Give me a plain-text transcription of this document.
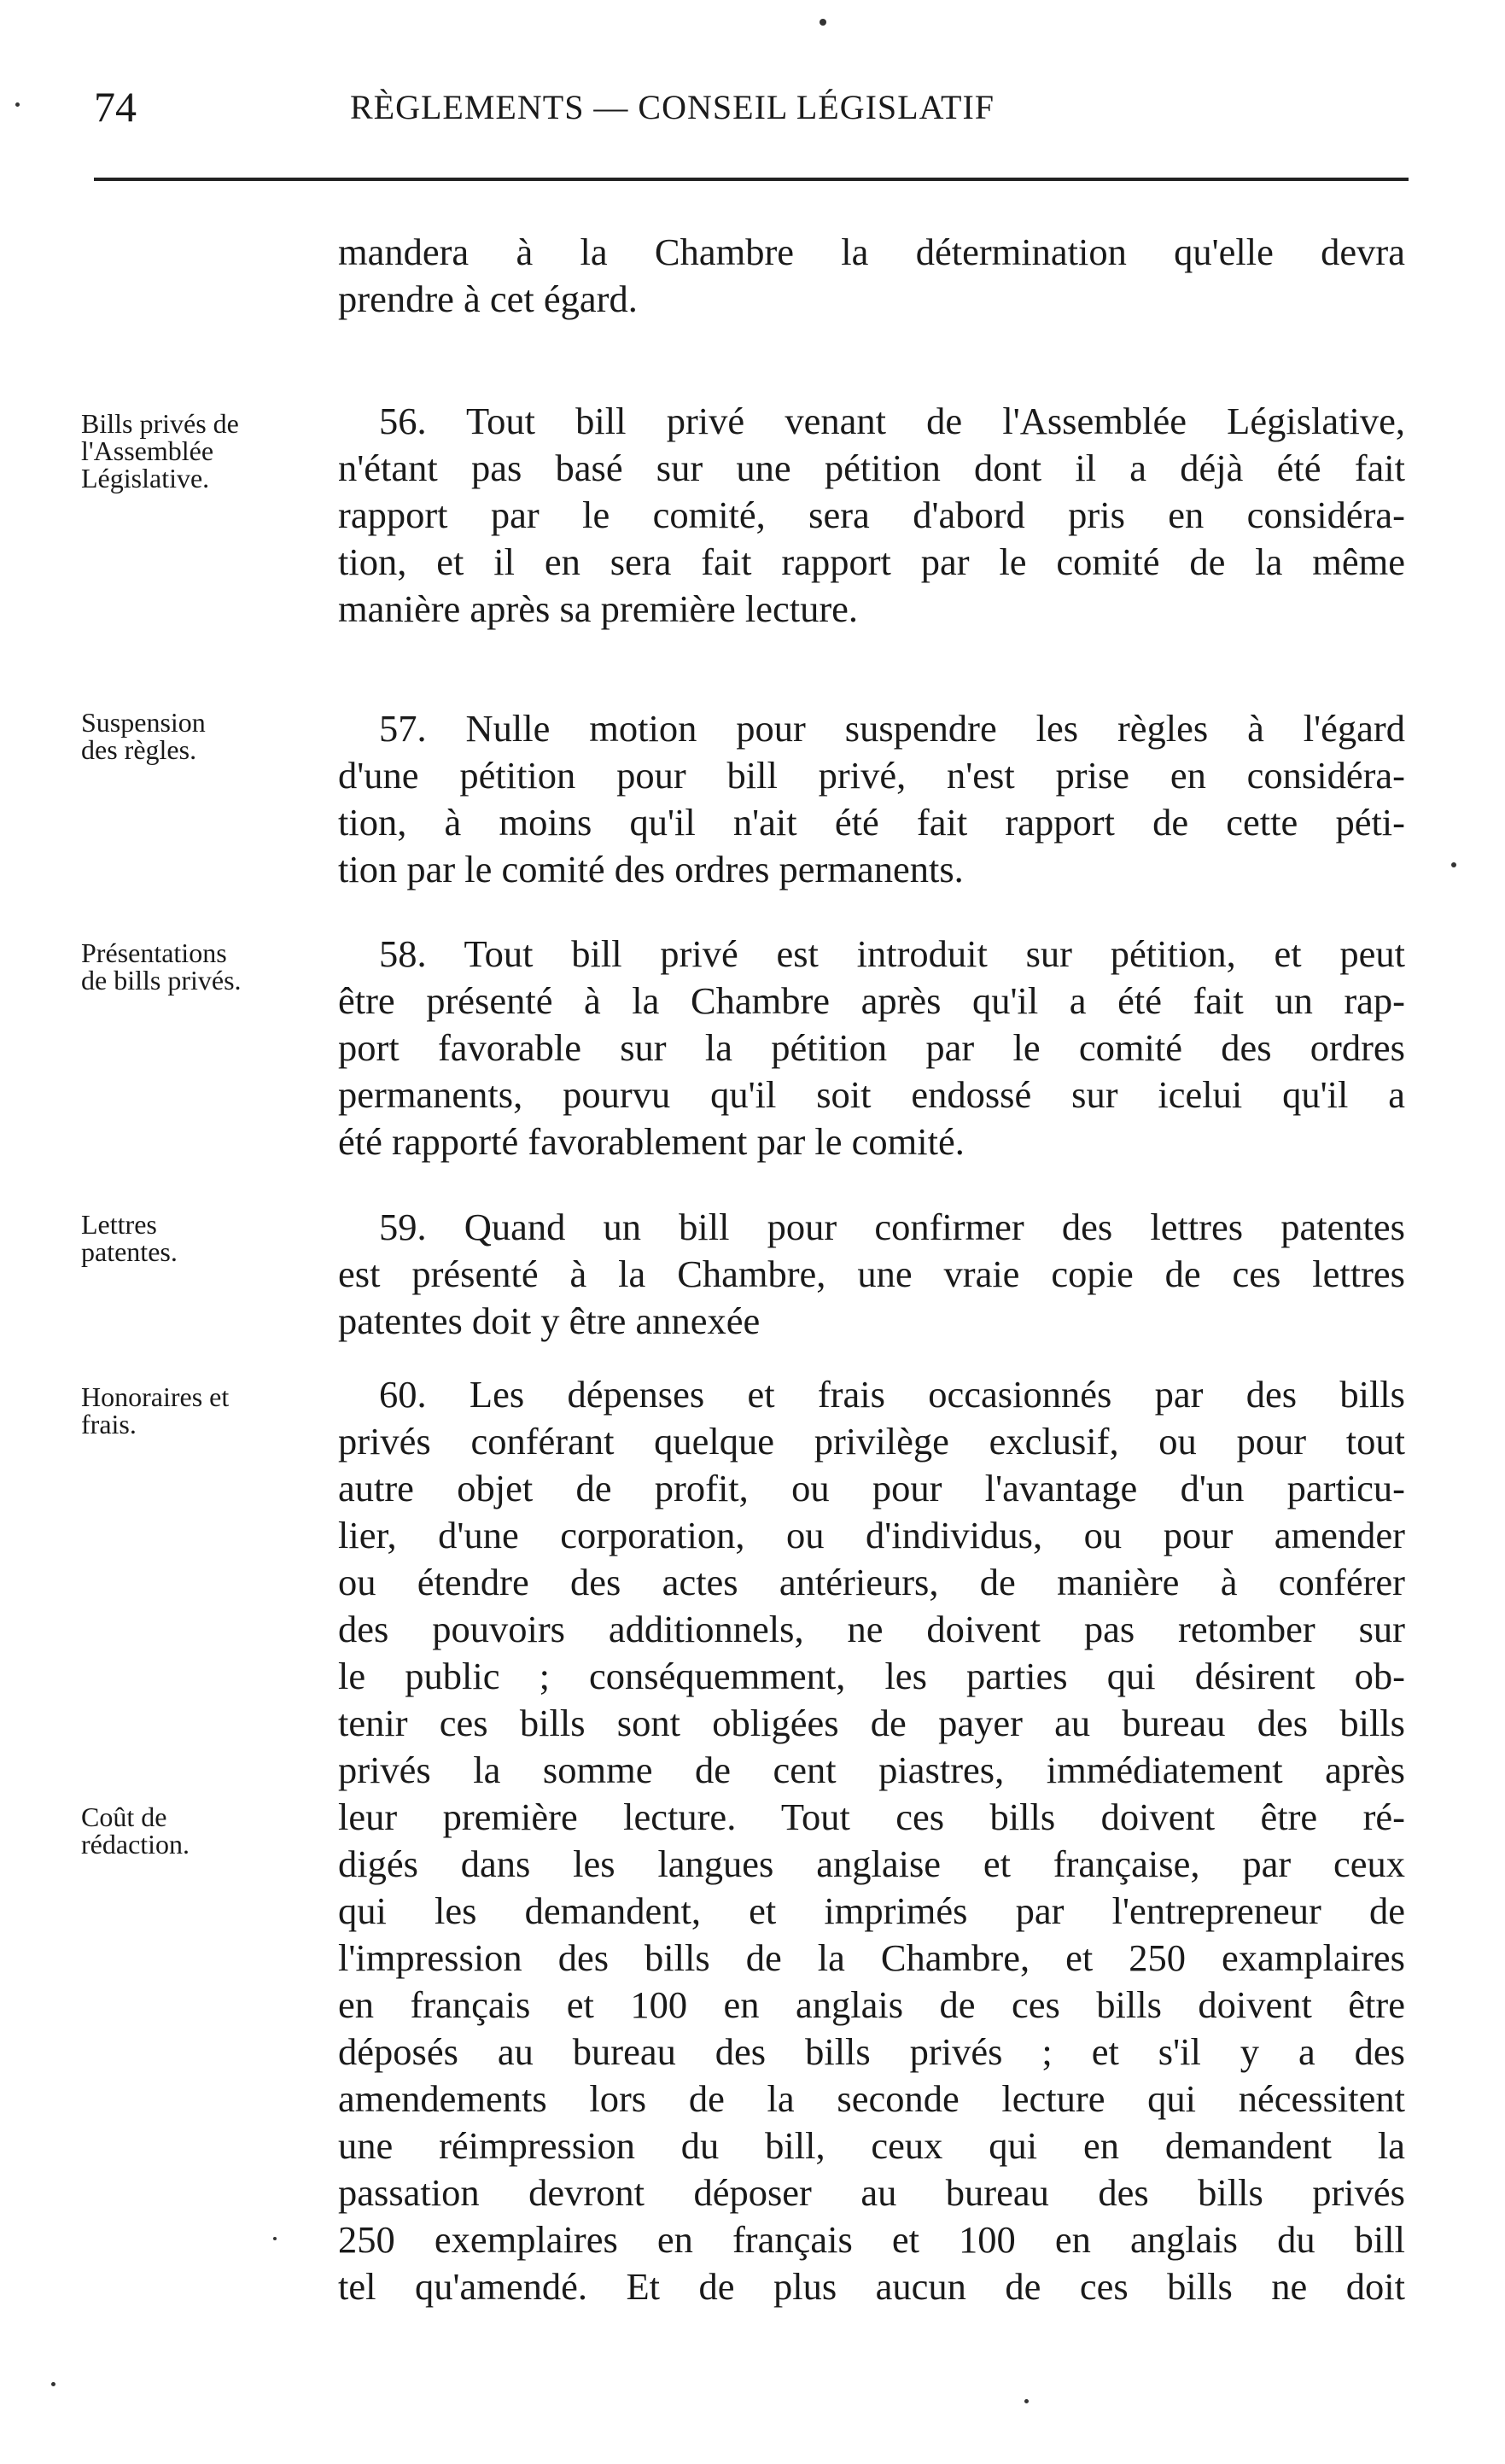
74	RÈGLEMENTS — CONSEIL LÉGISLATIF
mandera à la Chambre la détermination qu'elle devra
prendre à cet égard.
Bills privés de
l'Assemblée
Législative.
56. Tout bill privé venant de l'Assemblée Législative,
n'étant pas basé sur une pétition dont il a déjà été fait
rapport par le comité, sera d'abord pris en considéra-
tion, et il en sera fait rapport par le comité de la même
manière après sa première lecture.
Suspension
des règles.	57. Nulle motion pour suspendre les règles à l'égard
d'une pétition pour bill privé, n'est prise en considéra-
tion, à moins qu'il n'ait été fait rapport de cette péti-
tion par le comité des ordres permanents.
Présentations
de bills privés.
58. Tout bill privé est introduit sur pétition, et peut
être présenté à la Chambre après qu'il a été fait un rap-
port favorable sur la pétition par le comité des ordres
permanents, pourvu qu'il soit endossé sur icelui qu'il a
été rapporté favorablement par le comité.
Lettres
patentes.
59. Quand un bill pour confirmer des lettres patentes
est présenté à la Chambre, une vraie copie de ces lettres
patentes doit y être annexée
Honoraires et
frais.
Coût de
rédaction.
60. Les dépenses et frais occasionnés par des bills
privés conférant quelque privilège exclusif, ou pour tout
autre objet de profit, ou pour l'avantage d'un particu-
lier, d'une corporation, ou d'individus, ou pour amender
ou étendre des actes antérieurs, de manière à conférer
des pouvoirs additionnels, ne doivent pas retomber sur
le public ; conséquemment, les parties qui désirent ob-
tenir ces bills sont obligées de payer au bureau des bills
privés la somme de cent piastres, immédiatement après
leur première lecture. Tout ces bills doivent être ré-
digés dans les langues anglaise et française, par ceux
qui les demandent, et imprimés par l'entrepreneur de
l'impression des bills de la Chambre, et 250 examplaires
en français et 100 en anglais de ces bills doivent être
déposés au bureau des bills privés ; et s'il y a des
amendements lors de la seconde lecture qui nécessitent
une réimpression du bill, ceux qui en demandent la
passation devront déposer au bureau des bills privés
250 exemplaires en français et 100 en anglais du bill
tel qu'amendé. Et de plus aucun de ces bills ne doit
